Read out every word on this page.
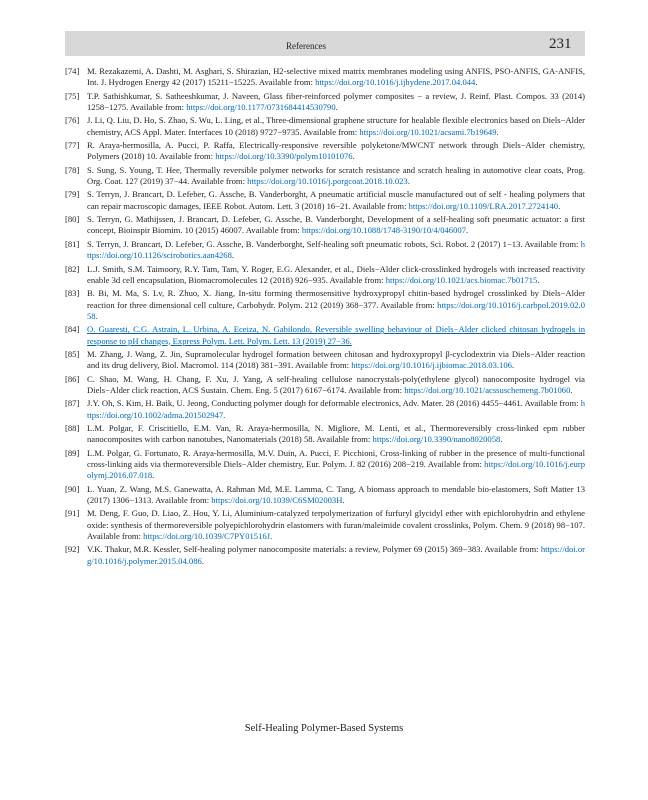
References	231
[74] M. Rezakazemi, A. Dashti, M. Asghari, S. Shirazian, H2-selective mixed matrix membranes modeling using ANFIS, PSO-ANFIS, GA-ANFIS, Int. J. Hydrogen Energy 42 (2017) 15211−15225. Available from: https://doi.org/10.1016/j.ijhydene.2017.04.044.
[75] T.P. Sathishkumar, S. Satheeshkumar, J. Naveen, Glass fiber-reinforced polymer composites − a review, J. Reinf. Plast. Compos. 33 (2014) 1258−1275. Available from: https://doi.org/10.1177/0731684414530790.
[76] J. Li, Q. Liu, D. Ho, S. Zhao, S. Wu, L. Ling, et al., Three-dimensional graphene structure for healable flexible electronics based on Diels−Alder chemistry, ACS Appl. Mater. Interfaces 10 (2018) 9727−9735. Available from: https://doi.org/10.1021/acsami.7b19649.
[77] R. Araya-hermosilla, A. Pucci, P. Raffa, Electrically-responsive reversible polyketone/MWCNT network through Diels−Alder chemistry, Polymers (2018) 10. Available from: https://doi.org/10.3390/polym10101076.
[78] S. Sung, S. Young, T. Hee, Thermally reversible polymer networks for scratch resistance and scratch healing in automotive clear coats, Prog. Org. Coat. 127 (2019) 37−44. Available from: https://doi.org/10.1016/j.porgcoat.2018.10.023.
[79] S. Terryn, J. Brancart, D. Lefeber, G. Assche, B. Vanderborght, A pneumatic artificial muscle manufactured out of self - healing polymers that can repair macroscopic damages, IEEE Robot. Autom. Lett. 3 (2018) 16−21. Available from: https://doi.org/10.1109/LRA.2017.2724140.
[80] S. Terryn, G. Mathijssen, J. Brancart, D. Lefeber, G. Assche, B. Vanderborght, Development of a self-healing soft pneumatic actuator: a first concept, Bioinspir Biomim. 10 (2015) 46007. Available from: https://doi.org/10.1088/1748-3190/10/4/046007.
[81] S. Terryn, J. Brancart, D. Lefeber, G. Assche, B. Vanderborght, Self-healing soft pneumatic robots, Sci. Robot. 2 (2017) 1−13. Available from: https://doi.org/10.1126/scirobotics.aan4268.
[82] L.J. Smith, S.M. Taimoory, R.Y. Tam, Tam, Y. Roger, E.G. Alexander, et al., Diels−Alder click-crosslinked hydrogels with increased reactivity enable 3d cell encapsulation, Biomacromolecules 12 (2018) 926−935. Available from: https://doi.org/10.1021/acs.biomac.7b01715.
[83] B. Bi, M. Ma, S. Lv, R. Zhuo, X. Jiang, In-situ forming thermosensitive hydroxypropyl chitin-based hydrogel crosslinked by Diels−Alder reaction for three dimensional cell culture, Carbohydr. Polym. 212 (2019) 368−377. Available from: https://doi.org/10.1016/j.carbpol.2019.02.058.
[84] O. Guaresti, C.G. Astrain, L. Urbina, A. Eceiza, N. Gabilondo, Reversible swelling behaviour of Diels−Alder clicked chitosan hydrogels in response to pH changes, Express Polym. Lett. Polym. Lett. 13 (2019) 27−36.
[85] M. Zhang, J. Wang, Z. Jin, Supramolecular hydrogel formation between chitosan and hydroxypropyl β-cyclodextrin via Diels−Alder reaction and its drug delivery, Biol. Macromol. 114 (2018) 381−391. Available from: https://doi.org/10.1016/j.ijbiomac.2018.03.106.
[86] C. Shao, M. Wang, H. Chang, F. Xu, J. Yang, A self-healing cellulose nanocrystals-poly(ethylene glycol) nanocomposite hydrogel via Diels−Alder click reaction, ACS Sustain. Chem. Eng. 5 (2017) 6167−6174. Available from: https://doi.org/10.1021/acssuschemeng.7b01060.
[87] J.Y. Oh, S. Kim, H. Baik, U. Jeong, Conducting polymer dough for deformable electronics, Adv. Mater. 28 (2016) 4455−4461. Available from: https://doi.org/10.1002/adma.201502947.
[88] L.M. Polgar, F. Criscitiello, E.M. Van, R. Araya-hermosilla, N. Migliore, M. Lenti, et al., Thermoreversibly cross-linked epm rubber nanocomposites with carbon nanotubes, Nanomaterials (2018) 58. Available from: https://doi.org/10.3390/nano8020058.
[89] L.M. Polgar, G. Fortunato, R. Araya-hermosilla, M.V. Duin, A. Pucci, F. Picchioni, Cross-linking of rubber in the presence of multi-functional cross-linking aids via thermoreversible Diels−Alder chemistry, Eur. Polym. J. 82 (2016) 208−219. Available from: https://doi.org/10.1016/j.eurpolymj.2016.07.018.
[90] L. Yuan, Z. Wang, M.S. Ganewatta, A. Rahman Md, M.E. Lamma, C. Tang, A biomass approach to mendable bio-elastomers, Soft Matter 13 (2017) 1306−1313. Available from: https://doi.org/10.1039/C6SM02003H.
[91] M. Deng, F. Guo, D. Liao, Z. Hou, Y. Li, Aluminium-catalyzed terpolymerization of furfuryl glycidyl ether with epichlorohydrin and ethylene oxide: synthesis of thermoreversible polyepichlorohydrin elastomers with furan/maleimide covalent crosslinks, Polym. Chem. 9 (2018) 98−107. Available from: https://doi.org/10.1039/C7PY01516J.
[92] V.K. Thakur, M.R. Kessler, Self-healing polymer nanocomposite materials: a review, Polymer 69 (2015) 369−383. Available from: https://doi.org/10.1016/j.polymer.2015.04.086.
Self-Healing Polymer-Based Systems
